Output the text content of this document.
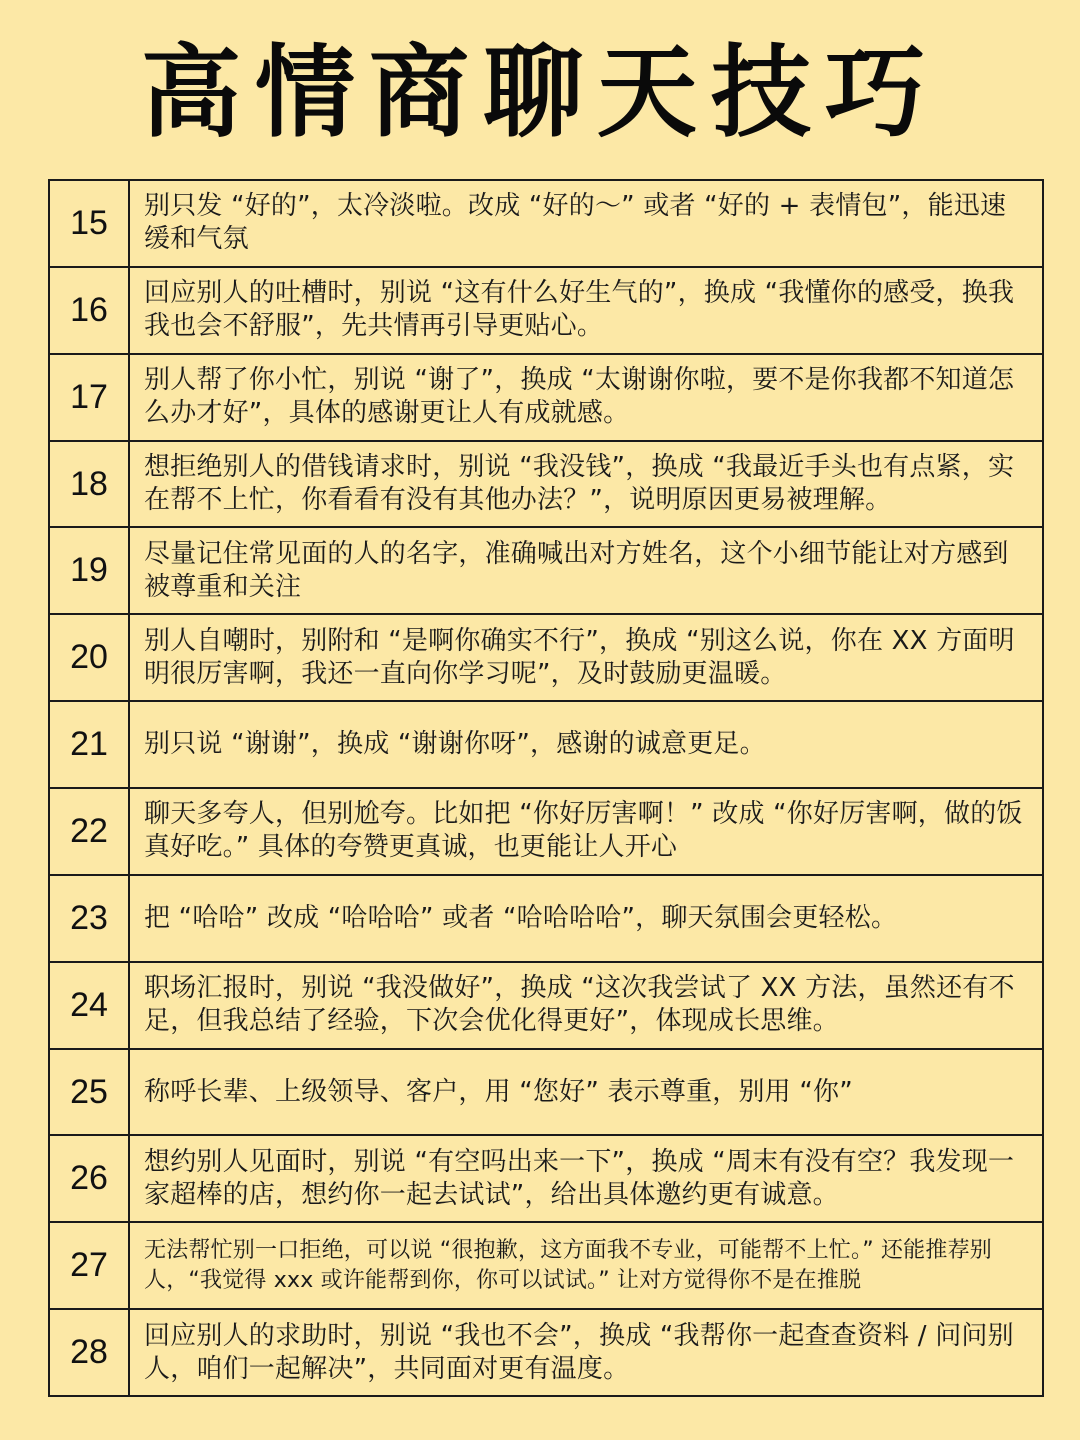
高情商聊天技巧
15	别只发 “好的”，太冷淡啦。改成 “好的～” 或者 “好的 + 表情包”，能迅速缓和气氛
16	回应别人的吐槽时，别说 “这有什么好生气的”，换成 “我懂你的感受，换我我也会不舒服”，先共情再引导更贴心。
17	别人帮了你小忙，别说 “谢了”，换成 “太谢谢你啦，要不是你我都不知道怎么办才好”，具体的感谢更让人有成就感。
18	想拒绝别人的借钱请求时，别说 “我没钱”，换成 “我最近手头也有点紧，实在帮不上忙，你看看有没有其他办法？”，说明原因更易被理解。
19	尽量记住常见面的人的名字，准确喊出对方姓名，这个小细节能让对方感到被尊重和关注
20	别人自嘲时，别附和 “是啊你确实不行”，换成 “别这么说，你在 XX 方面明明很厉害啊，我还一直向你学习呢”，及时鼓励更温暖。
21	别只说 “谢谢”，换成 “谢谢你呀”，感谢的诚意更足。
22	聊天多夸人，但别尬夸。比如把 “你好厉害啊！” 改成 “你好厉害啊，做的饭真好吃。” 具体的夸赞更真诚，也更能让人开心
23	把 “哈哈” 改成 “哈哈哈” 或者 “哈哈哈哈”，聊天氛围会更轻松。
24	职场汇报时，别说 “我没做好”，换成 “这次我尝试了 XX 方法，虽然还有不足，但我总结了经验，下次会优化得更好”，体现成长思维。
25	称呼长辈、上级领导、客户，用 “您好” 表示尊重，别用 “你”
26	想约别人见面时，别说 “有空吗出来一下”，换成 “周末有没有空？我发现一家超棒的店，想约你一起去试试”，给出具体邀约更有诚意。
27	无法帮忙别一口拒绝，可以说 “很抱歉，这方面我不专业，可能帮不上忙。” 还能推荐别人，“我觉得 xxx 或许能帮到你，你可以试试。” 让对方觉得你不是在推脱
28	回应别人的求助时，别说 “我也不会”，换成 “我帮你一起查查资料 / 问问别人，咱们一起解决”，共同面对更有温度。
